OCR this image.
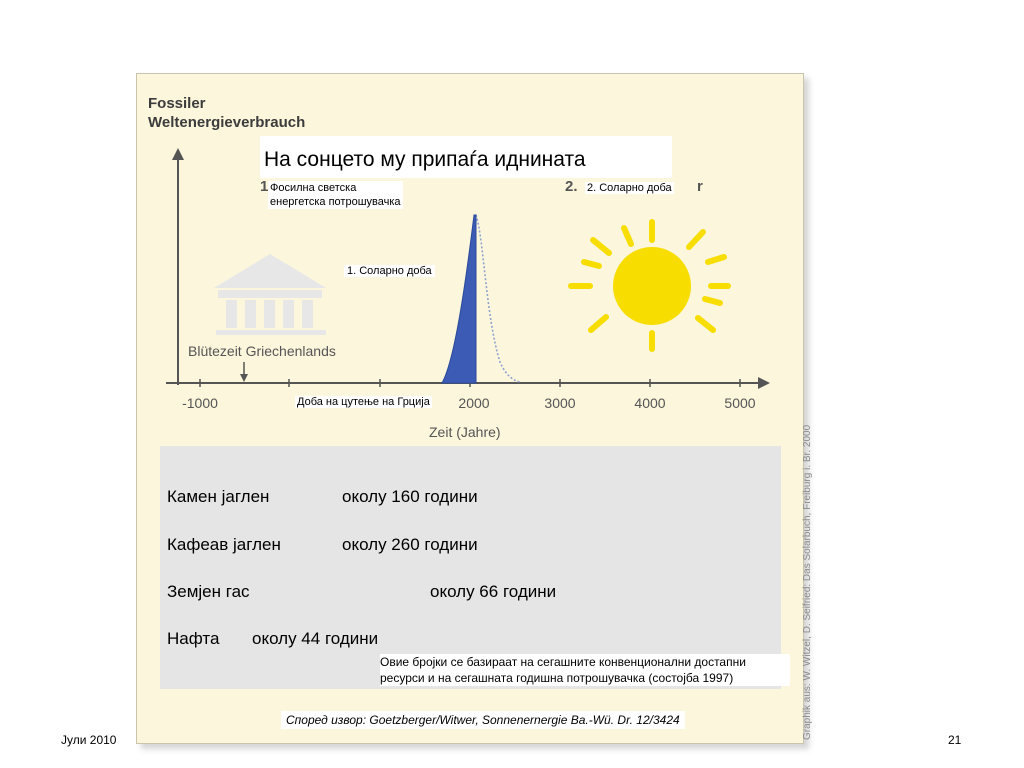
Fossiler
Weltenergieverbrauch
-1000	2000	3000	4000	5000
Zeit (Jahre)
Blütezeit Griechenlands
1	2.	r
На сонцето му припаѓа иднината
Фосилна светска
енергетска потрошувачка
2. Соларно доба
1. Соларно доба
Доба на цутење на Грција
Камен јаглен	околу 160 години
Кафеав јаглен	околу 260 години
Земјен гас	околу 66 години
Нафта околу 44 години
Овие бројки се базираат на сегашните конвенционални достапни ресурси и на сегашната годишна потрошувачка (состојба 1997)
Според извор: Goetzberger/Witwer, Sonnenernergie Ba.-Wü. Dr. 12/3424	Graphik aus: W. Witzel, D. Seifried: Das Solarbuch, Freiburg i. Br. 2000
Јули 2010	21
